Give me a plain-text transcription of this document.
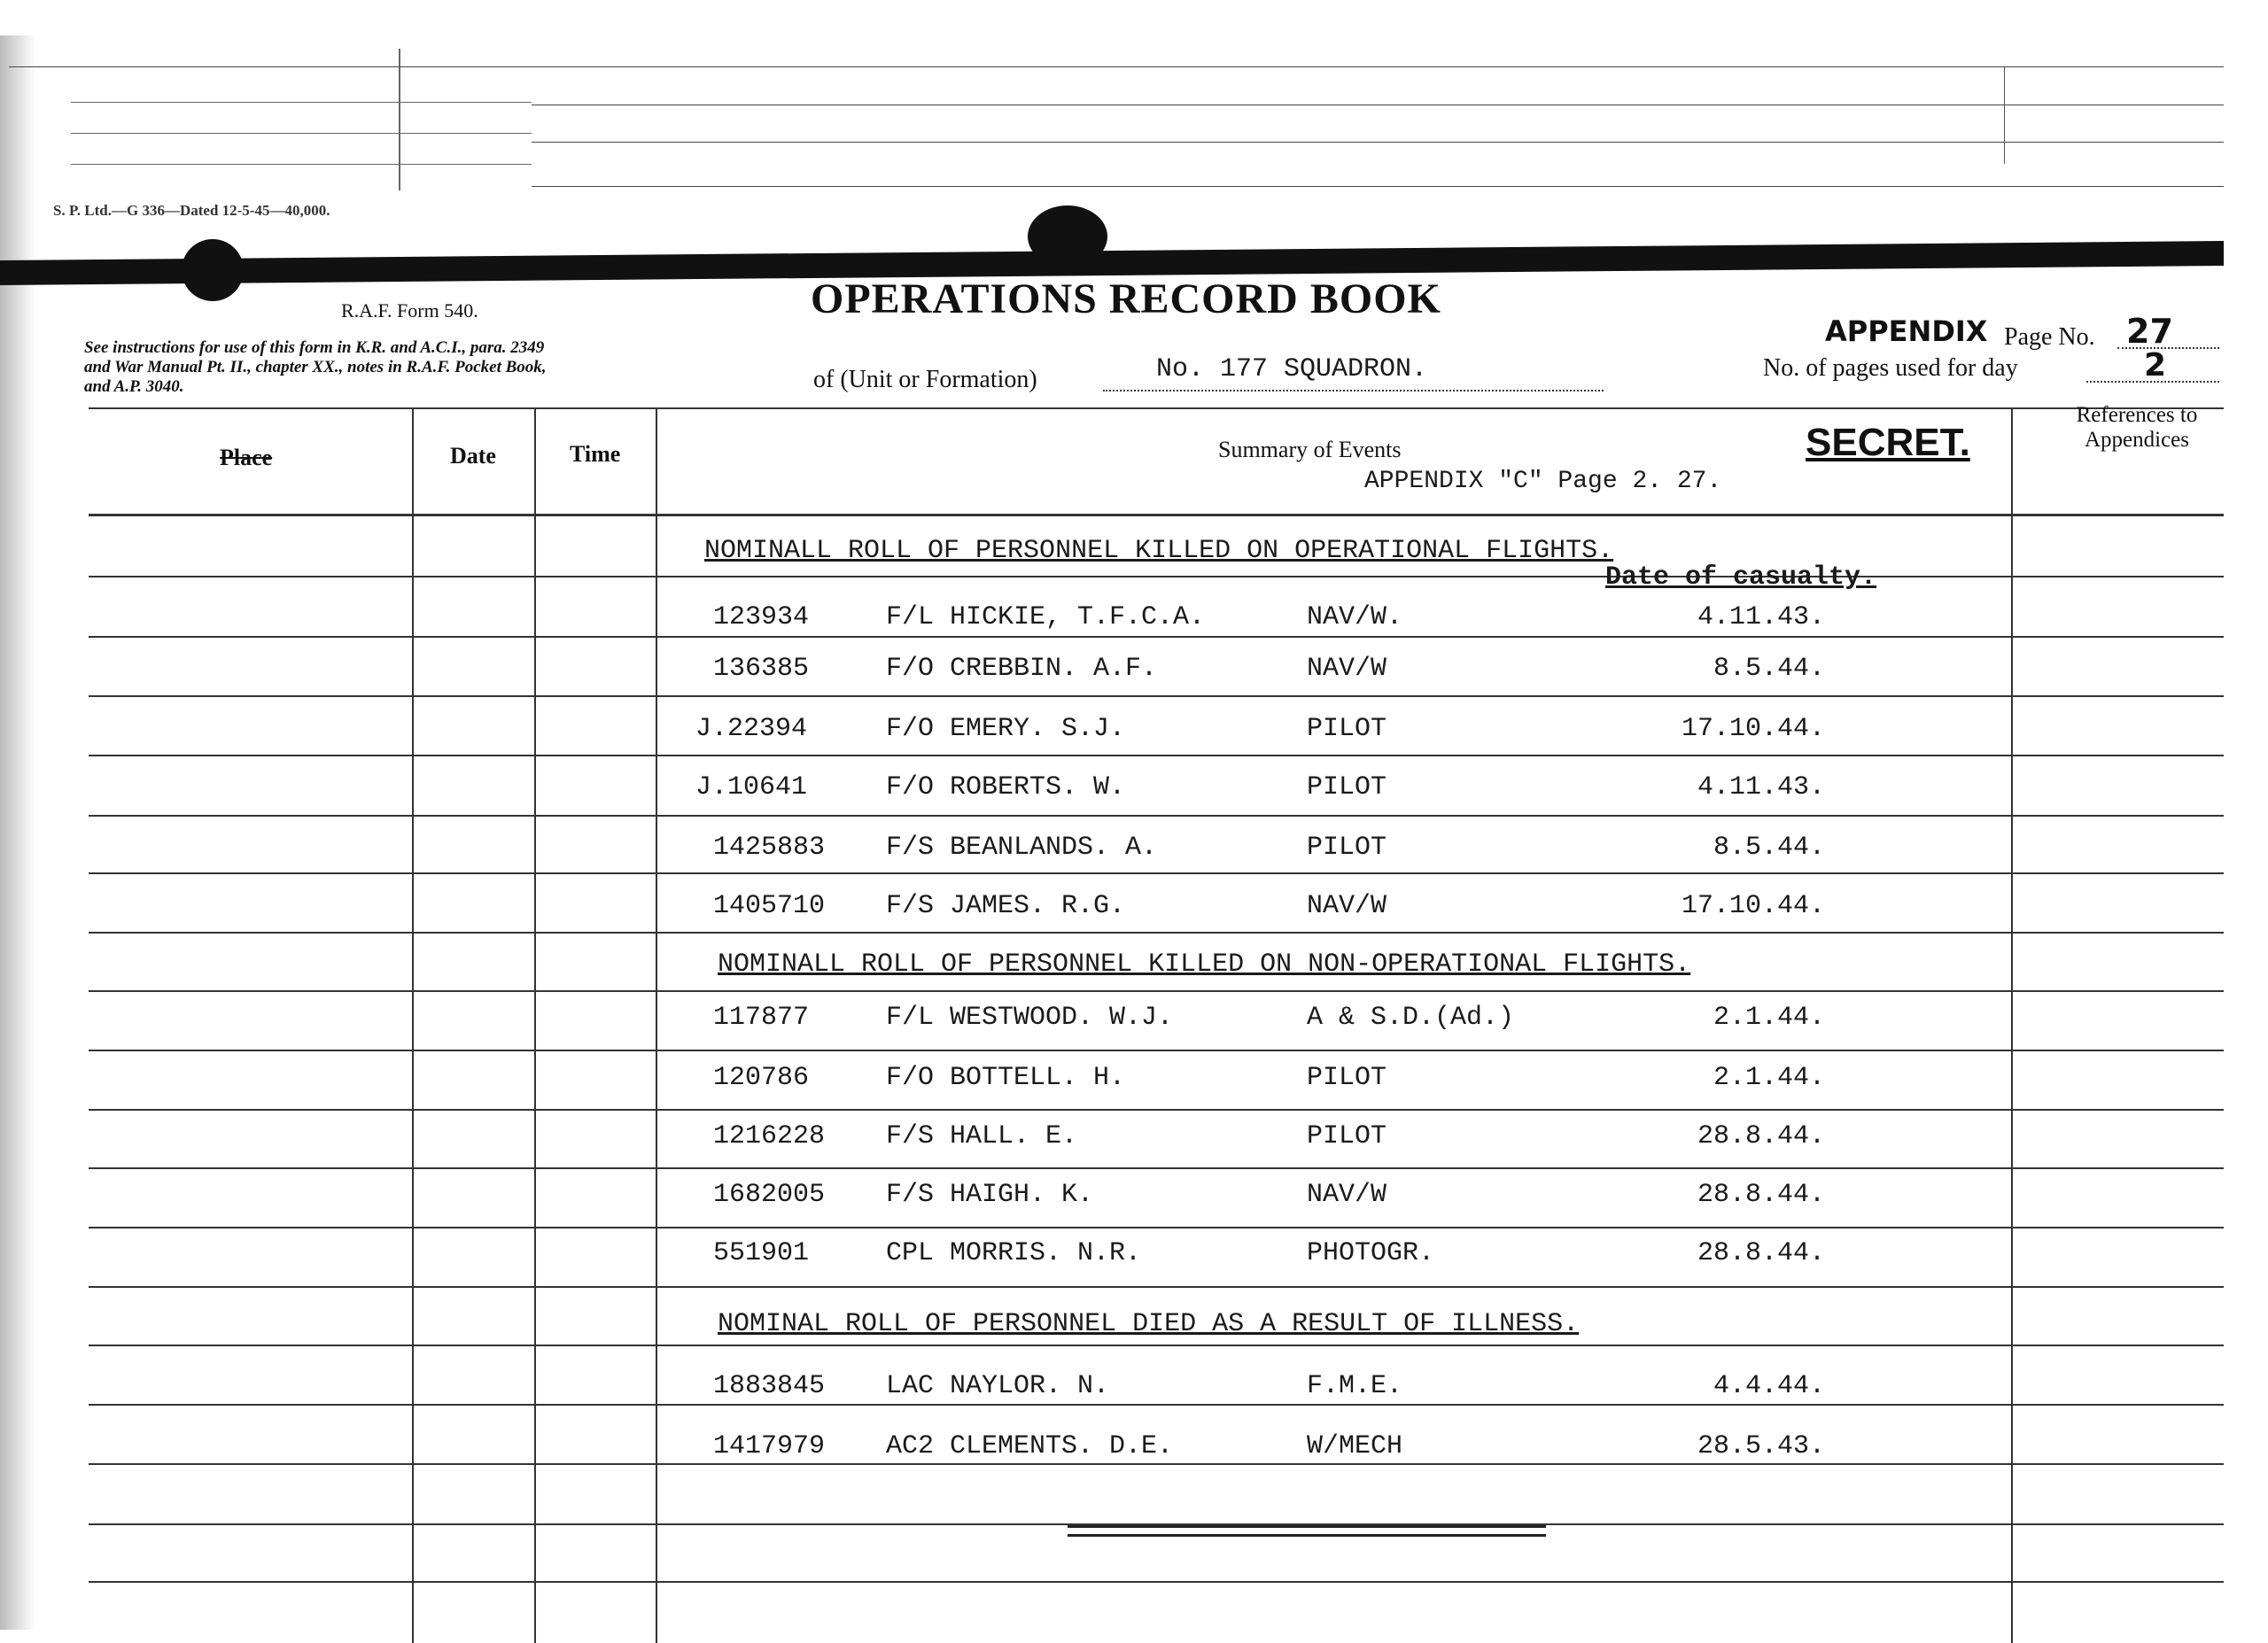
S. P. Ltd.—G 336—Dated 12-5-45—40,000.
R.A.F. Form 540.
See instructions for use of this form in K.R. and A.C.I., para. 2349 and War Manual Pt. II., chapter XX., notes in R.A.F. Pocket Book, and A.P. 3040.
OPERATIONS RECORD BOOK
of (Unit or Formation)	No. 177 SQUADRON.
APPENDIX Page No. 27
No. of pages used for day	2
Place	Date	Time	Summary of Events
References to Appendices
SECRET.
APPENDIX "C" Page 2. 27.
NOMINALL ROLL OF PERSONNEL KILLED ON OPERATIONAL FLIGHTS.
Date of casualty.
123934	F/L HICKIE, T.F.C.A.	NAV/W.	4.11.43.
136385	F/O CREBBIN. A.F.	NAV/W	8.5.44.
J.22394	F/O EMERY. S.J.	PILOT	17.10.44.
J.10641	F/O ROBERTS. W.	PILOT	4.11.43.
1425883 F/S BEANLANDS. A.	PILOT	8.5.44.
1405710 F/S JAMES. R.G.	NAV/W	17.10.44.
NOMINALL ROLL OF PERSONNEL KILLED ON NON-OPERATIONAL FLIGHTS.
117877	F/L WESTWOOD. W.J.	A & S.D.(Ad.)	2.1.44.
120786	F/O BOTTELL. H.	PILOT	2.1.44.
1216228 F/S HALL. E.	PILOT	28.8.44.
1682005 F/S HAIGH. K.	NAV/W	28.8.44.
551901	CPL MORRIS. N.R.	PHOTOGR.	28.8.44.
NOMINAL ROLL OF PERSONNEL DIED AS A RESULT OF ILLNESS.
1883845 LAC NAYLOR. N.	F.M.E.	4.4.44.
1417979 AC2 CLEMENTS. D.E.	W/MECH	28.5.43.
